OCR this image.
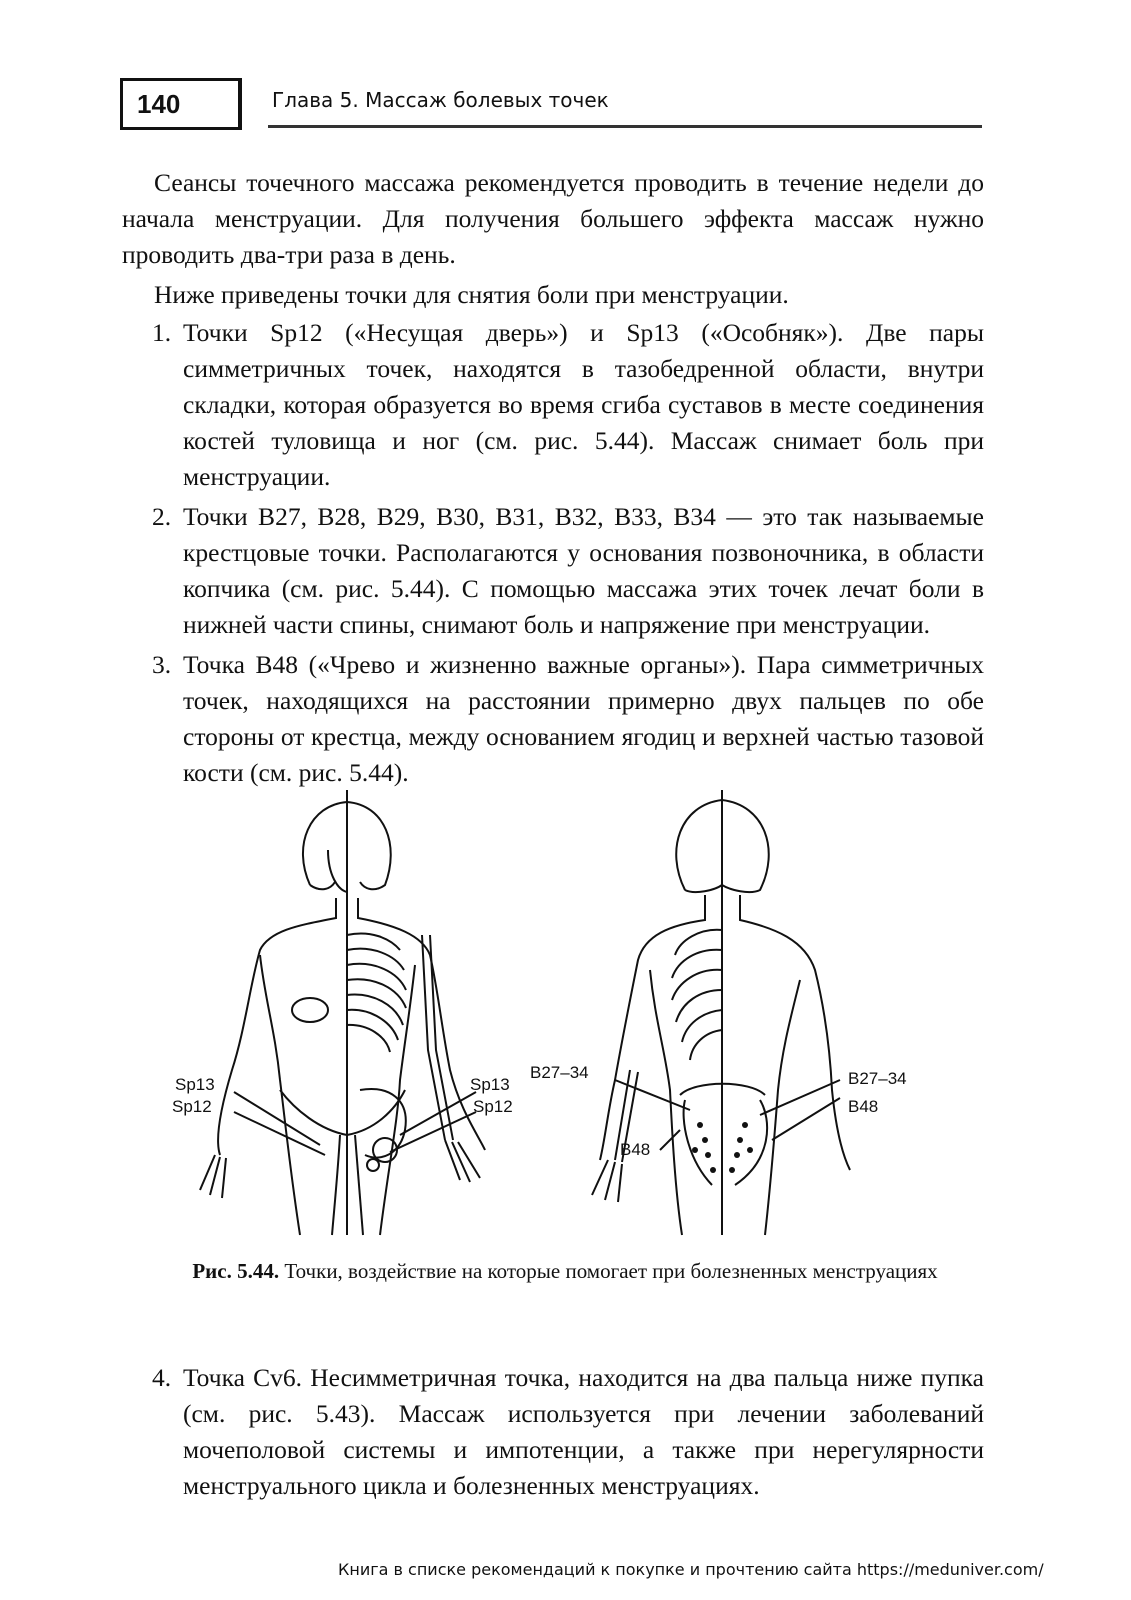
140	Глава 5. Массаж болевых точек

Сеансы точечного массажа рекомендуется проводить в течение недели до начала менструации. Для получения большего эффекта массаж нужно проводить два-три раза в день.

Ниже приведены точки для снятия боли при менструации.

1. Точки Sp12 («Несущая дверь») и Sp13 («Особняк»). Две пары симметричных точек, находятся в тазобедренной области, внутри складки, которая образуется во время сгиба суставов в месте соединения костей туловища и ног (см. рис. 5.44). Массаж снимает боль при менструации.
2. Точки B27, B28, B29, B30, B31, B32, B33, B34 — это так называемые крестцовые точки. Располагаются у основания позвоночника, в области копчика (см. рис. 5.44). С помощью массажа этих точек лечат боли в нижней части спины, снимают боль и напряжение при менструации.
3. Точка B48 («Чрево и жизненно важные органы»). Пара симметричных точек, находящихся на расстоянии примерно двух пальцев по обе стороны от крестца, между основанием ягодиц и верхней частью тазовой кости (см. рис. 5.44).
Sp13
Sp12
Sp13
Sp12
B27–34
B48
B27–34
B48
Рис. 5.44. Точки, воздействие на которые помогает при болезненных менструациях
4. Точка Cv6. Несимметричная точка, находится на два пальца ниже пупка (см. рис. 5.43). Массаж используется при лечении заболеваний мочеполовой системы и импотенции, а также при нерегулярности менструального цикла и болезненных менструациях.
Книга в списке рекомендаций к покупке и прочтению сайта https://meduniver.com/
